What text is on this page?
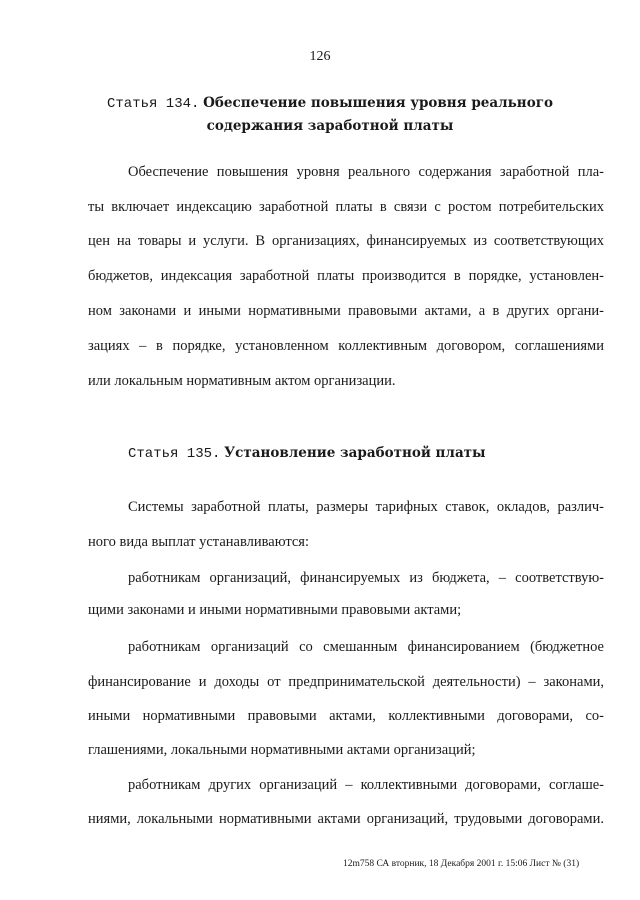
126
Статья 134. Обеспечение повышения уровня реального
содержания заработной платы
Обеспечение повышения уровня реального содержания заработной пла-
ты включает индексацию заработной платы в связи с ростом потребительских
цен на товары и услуги. В организациях, финансируемых из соответствующих
бюджетов, индексация заработной платы производится в порядке, установлен-
ном законами и иными нормативными правовыми актами, а в других органи-
зациях – в порядке, установленном коллективным договором, соглашениями
или локальным нормативным актом организации.
Статья 135. Установление заработной платы
Системы заработной платы, размеры тарифных ставок, окладов, различ-
ного вида выплат устанавливаются:
работникам организаций, финансируемых из бюджета, – соответствую-
щими законами и иными нормативными правовыми актами;
работникам организаций со смешанным финансированием (бюджетное
финансирование и доходы от предпринимательской деятельности) – законами,
иными нормативными правовыми актами, коллективными договорами, со-
глашениями, локальными нормативными актами организаций;
работникам других организаций – коллективными договорами, соглаше-
ниями, локальными нормативными актами организаций, трудовыми договорами.
12m758 СА вторник, 18 Декабря 2001 г. 15:06 Лист № (31)
